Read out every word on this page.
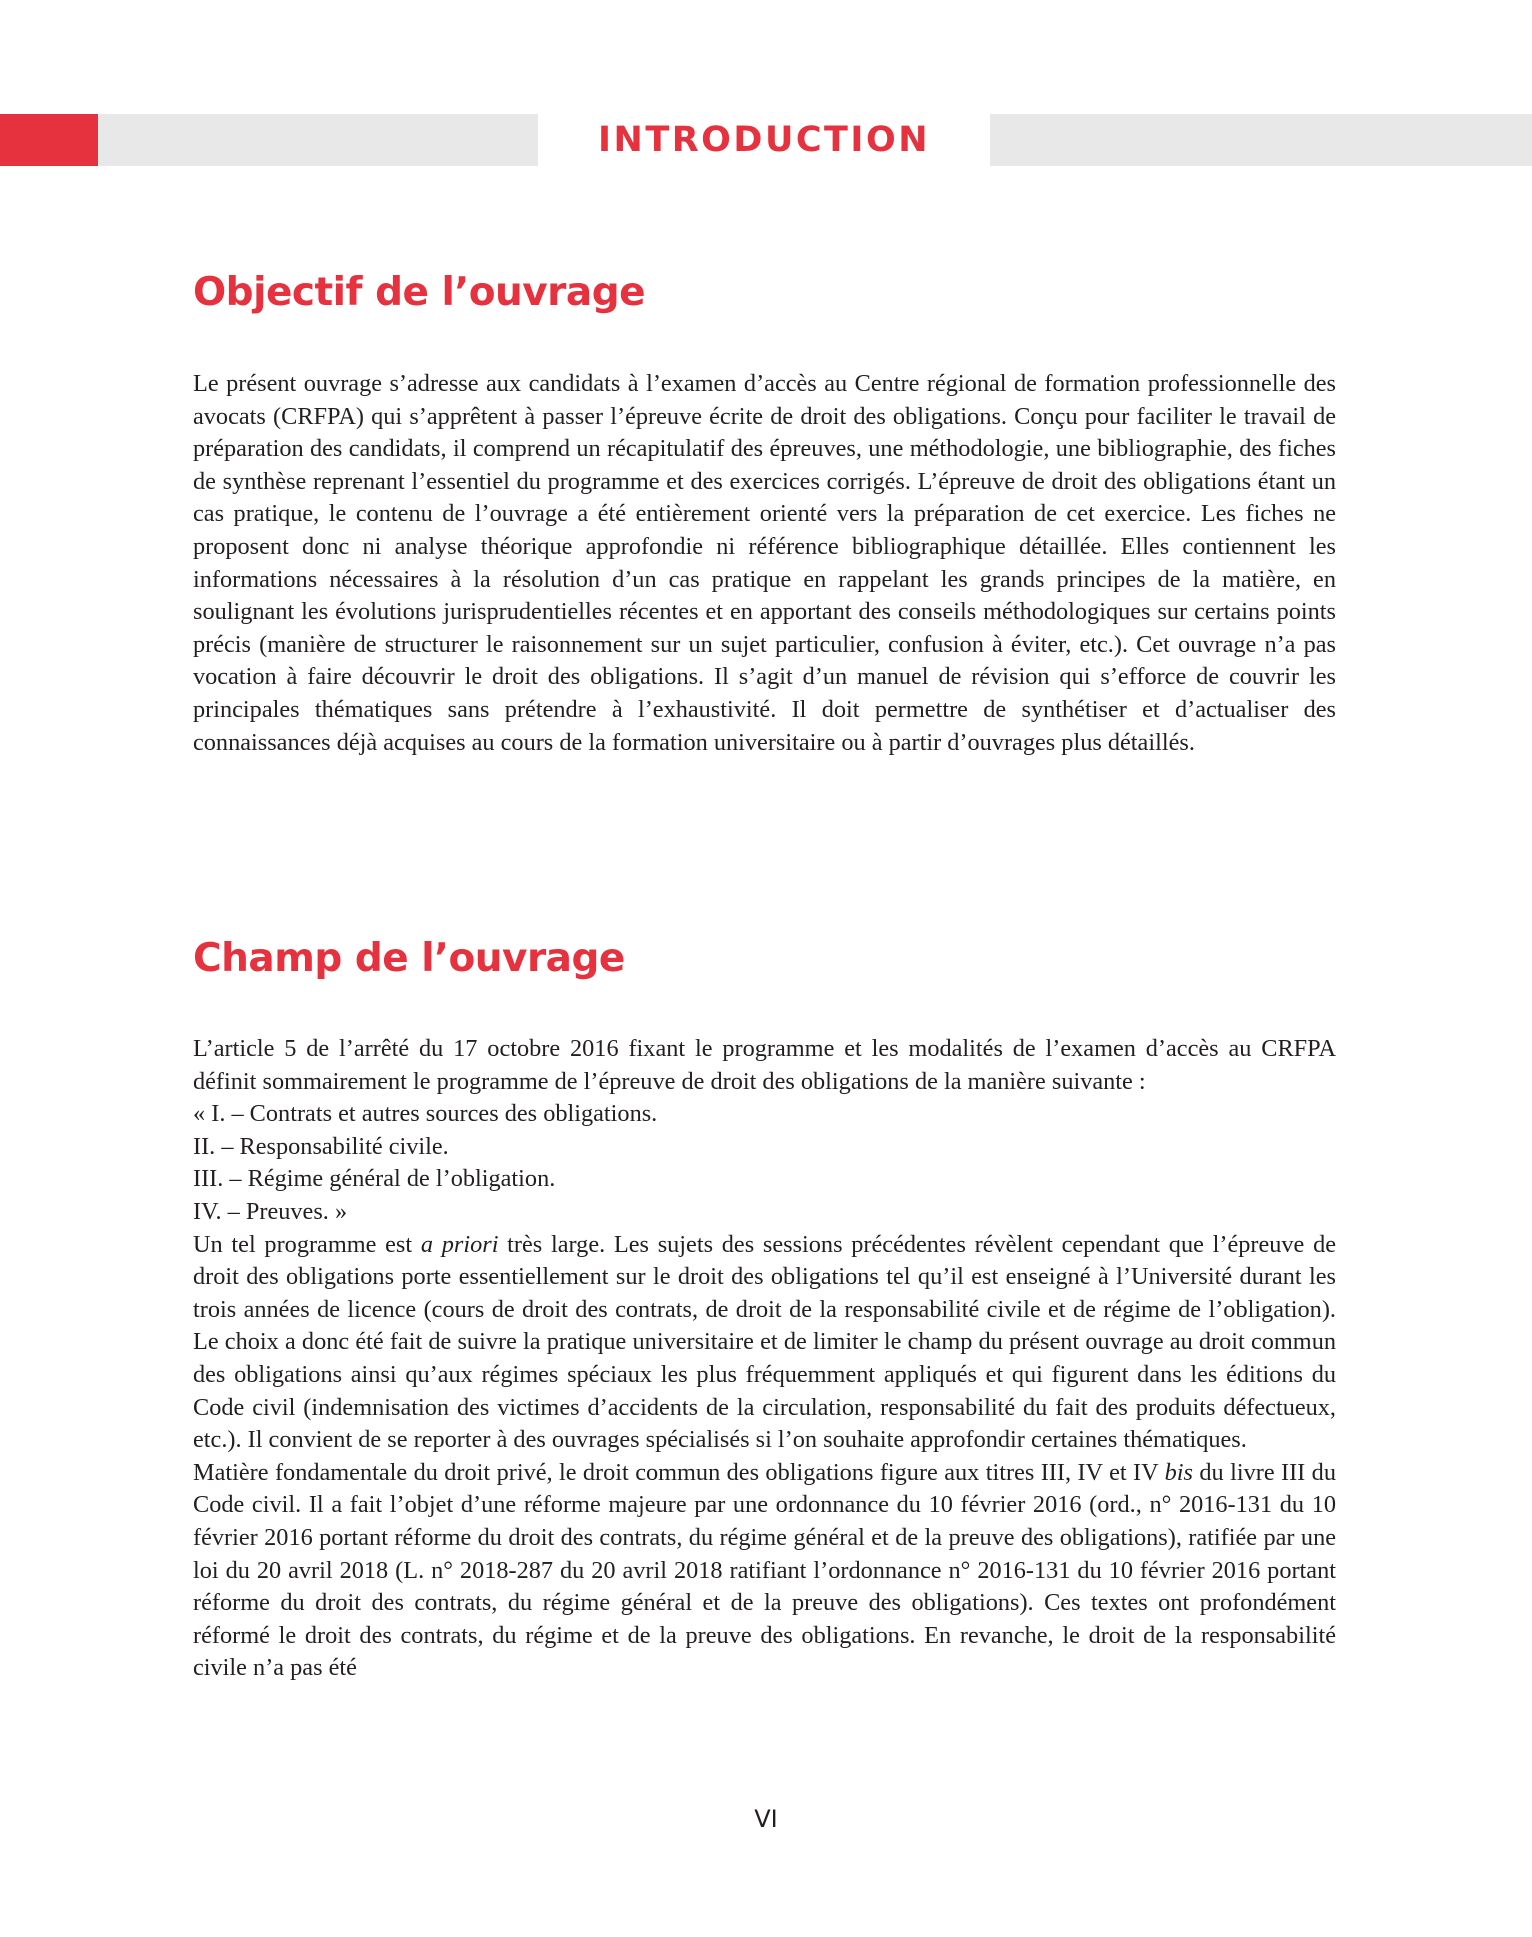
INTRODUCTION
Objectif de l’ouvrage

Le présent ouvrage s’adresse aux candidats à l’examen d’accès au Centre régional de formation professionnelle des avocats (CRFPA) qui s’apprêtent à passer l’épreuve écrite de droit des obligations. Conçu pour faciliter le travail de préparation des candidats, il comprend un récapitulatif des épreuves, une méthodologie, une bibliographie, des fiches de synthèse reprenant l’essentiel du programme et des exercices corrigés. L’épreuve de droit des obligations étant un cas pratique, le contenu de l’ouvrage a été entièrement orienté vers la préparation de cet exercice. Les fiches ne proposent donc ni analyse théorique approfondie ni référence bibliographique détaillée. Elles contiennent les informations nécessaires à la résolution d’un cas pratique en rappelant les grands principes de la matière, en soulignant les évolutions jurisprudentielles récentes et en apportant des conseils méthodologiques sur certains points précis (manière de structurer le raisonnement sur un sujet particulier, confusion à éviter, etc.). Cet ouvrage n’a pas vocation à faire découvrir le droit des obligations. Il s’agit d’un manuel de révision qui s’efforce de couvrir les principales thématiques sans prétendre à l’exhaustivité. Il doit permettre de synthétiser et d’actualiser des connaissances déjà acquises au cours de la formation universitaire ou à partir d’ouvrages plus détaillés.

Champ de l’ouvrage

L’article 5 de l’arrêté du 17 octobre 2016 fixant le programme et les modalités de l’examen d’accès au CRFPA définit sommairement le programme de l’épreuve de droit des obligations de la manière suivante :

« I. – Contrats et autres sources des obligations.
II. – Responsabilité civile.
III. – Régime général de l’obligation.
IV. – Preuves. »

Un tel programme est a priori très large. Les sujets des sessions précédentes révèlent cependant que l’épreuve de droit des obligations porte essentiellement sur le droit des obligations tel qu’il est enseigné à l’Université durant les trois années de licence (cours de droit des contrats, de droit de la responsabilité civile et de régime de l’obligation). Le choix a donc été fait de suivre la pratique universitaire et de limiter le champ du présent ouvrage au droit commun des obligations ainsi qu’aux régimes spéciaux les plus fréquemment appliqués et qui figurent dans les éditions du Code civil (indemnisation des victimes d’accidents de la circulation, responsabilité du fait des produits défectueux, etc.). Il convient de se reporter à des ouvrages spécialisés si l’on souhaite approfondir certaines thématiques.

Matière fondamentale du droit privé, le droit commun des obligations figure aux titres III, IV et IV bis du livre III du Code civil. Il a fait l’objet d’une réforme majeure par une ordonnance du 10 février 2016 (ord., n° 2016-131 du 10 février 2016 portant réforme du droit des contrats, du régime général et de la preuve des obligations), ratifiée par une loi du 20 avril 2018 (L. n° 2018-287 du 20 avril 2018 ratifiant l’ordonnance n° 2016-131 du 10 février 2016 portant réforme du droit des contrats, du régime général et de la preuve des obligations). Ces textes ont profondément réformé le droit des contrats, du régime et de la preuve des obligations. En revanche, le droit de la responsabilité civile n’a pas été

VI
